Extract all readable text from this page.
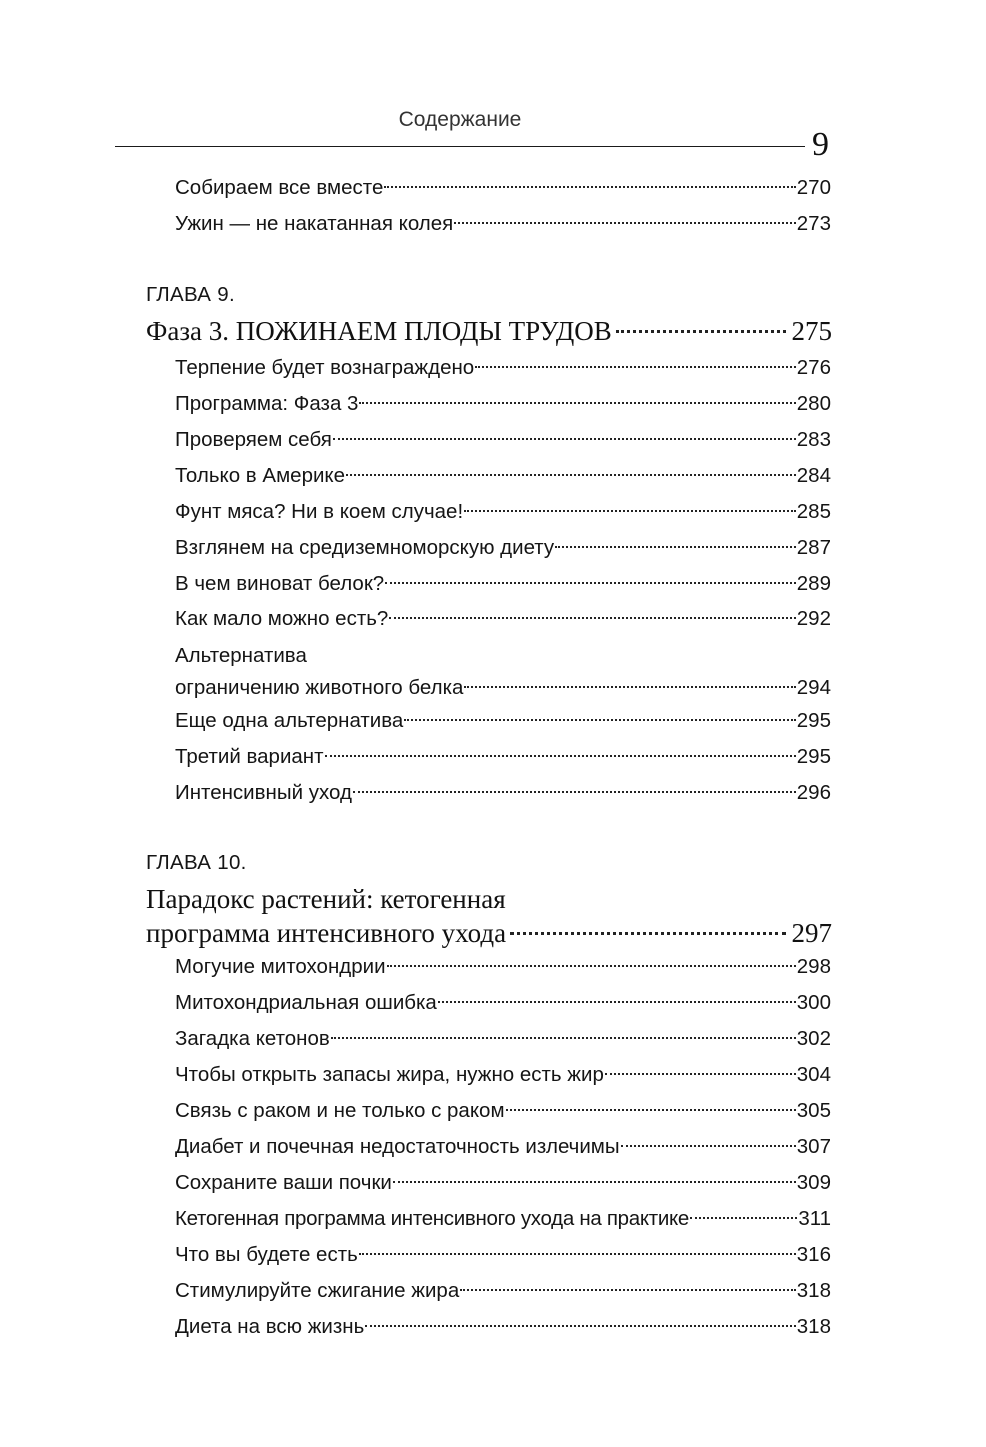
Содержание
9
Собираем все вместе	270
Ужин — не накатанная колея	273
ГЛАВА 9.
Фаза 3. ПОЖИНАЕМ ПЛОДЫ ТРУДОВ	275
Терпение будет вознаграждено	276
Программа: Фаза 3	280
Проверяем себя	283
Только в Америке	284
Фунт мяса? Ни в коем случае!	285
Взглянем на средиземноморскую диету	287
В чем виноват белок?	289
Как мало можно есть?	292
Альтернатива
ограничению животного белка	294
Еще одна альтернатива	295
Третий вариант	295
Интенсивный уход	296
ГЛАВА 10.
Парадокс растений: кетогенная
программа интенсивного ухода	297
Могучие митохондрии	298
Митохондриальная ошибка	300
Загадка кетонов	302
Чтобы открыть запасы жира, нужно есть жир	304
Связь с раком и не только с раком	305
Диабет и почечная недостаточность излечимы	307
Сохраните ваши почки	309
Кетогенная программа интенсивного ухода на практике	311
Что вы будете есть	316
Стимулируйте сжигание жира	318
Диета на всю жизнь	318
